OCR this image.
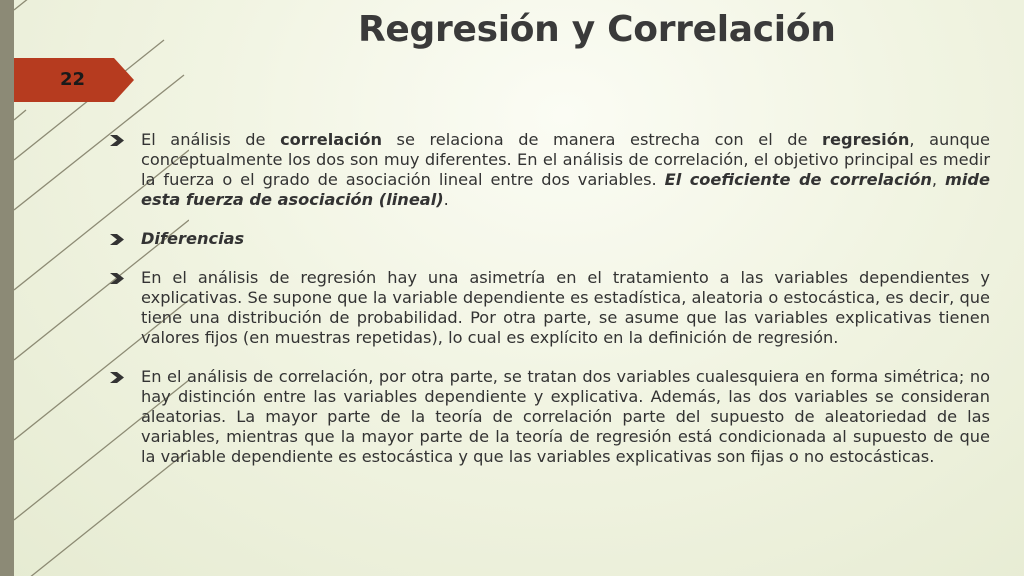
Regresión y Correlación
22
El análisis de correlación se relaciona de manera estrecha con el de regresión, aunque conceptualmente los dos son muy diferentes. En el análisis de correlación, el objetivo principal es medir la fuerza o el grado de asociación lineal entre dos variables. El coeficiente de correlación, mide esta fuerza de asociación (lineal).
Diferencias
En el análisis de regresión hay una asimetría en el tratamiento a las variables dependientes y explicativas. Se supone que la variable dependiente es estadística, aleatoria o estocástica, es decir, que tiene una distribución de probabilidad. Por otra parte, se asume que las variables explicativas tienen valores fijos (en muestras repetidas), lo cual es explícito en la definición de regresión.
En el análisis de correlación, por otra parte, se tratan dos variables cualesquiera en forma simétrica; no hay distinción entre las variables dependiente y explicativa. Además, las dos variables se consideran aleatorias. La mayor parte de la teoría de correlación parte del supuesto de aleatoriedad de las variables, mientras que la mayor parte de la teoría de regresión está condicionada al supuesto de que la variable dependiente es estocástica y que las variables explicativas son fijas o no estocásticas.
